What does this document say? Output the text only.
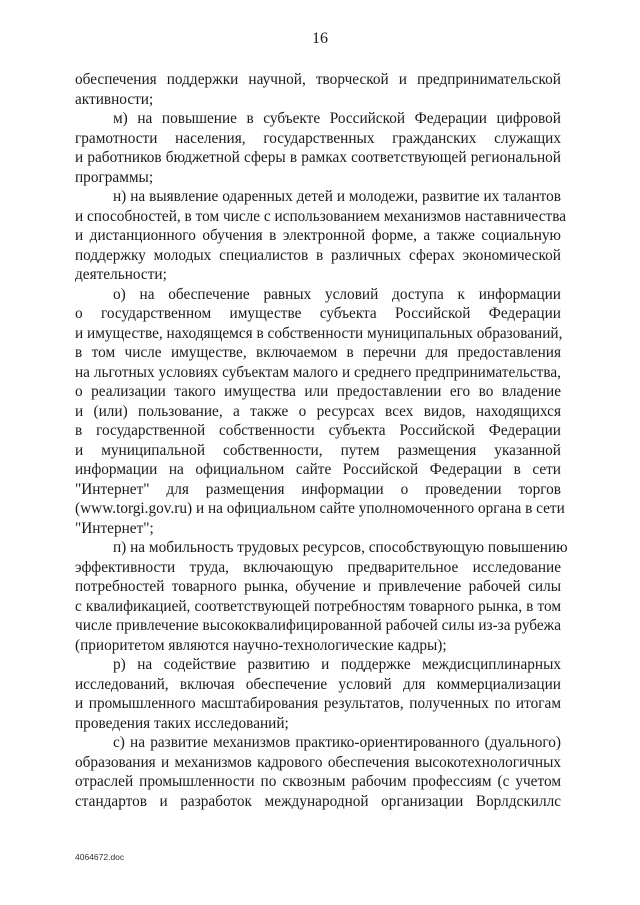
16
обеспечения поддержки научной, творческой и предпринимательской
активности;
м) на повышение в субъекте Российской Федерации цифровой
грамотности населения, государственных гражданских служащих
и работников бюджетной сферы в рамках соответствующей региональной
программы;
н) на выявление одаренных детей и молодежи, развитие их талантов
и способностей, в том числе с использованием механизмов наставничества
и дистанционного обучения в электронной форме, а также социальную
поддержку молодых специалистов в различных сферах экономической
деятельности;
о) на обеспечение равных условий доступа к информации
о государственном имуществе субъекта Российской Федерации
и имуществе, находящемся в собственности муниципальных образований,
в том числе имуществе, включаемом в перечни для предоставления
на льготных условиях субъектам малого и среднего предпринимательства,
о реализации такого имущества или предоставлении его во владение
и (или) пользование, а также о ресурсах всех видов, находящихся
в государственной собственности субъекта Российской Федерации
и муниципальной собственности, путем размещения указанной
информации на официальном сайте Российской Федерации в сети
"Интернет" для размещения информации о проведении торгов
(www.torgi.gov.ru) и на официальном сайте уполномоченного органа в сети
"Интернет";
п) на мобильность трудовых ресурсов, способствующую повышению
эффективности труда, включающую предварительное исследование
потребностей товарного рынка, обучение и привлечение рабочей силы
с квалификацией, соответствующей потребностям товарного рынка, в том
числе привлечение высококвалифицированной рабочей силы из-за рубежа
(приоритетом являются научно-технологические кадры);
р) на содействие развитию и поддержке междисциплинарных
исследований, включая обеспечение условий для коммерциализации
и промышленного масштабирования результатов, полученных по итогам
проведения таких исследований;
с) на развитие механизмов практико-ориентированного (дуального)
образования и механизмов кадрового обеспечения высокотехнологичных
отраслей промышленности по сквозным рабочим профессиям (с учетом
стандартов и разработок международной организации Ворлдскиллс
4064672.doc
